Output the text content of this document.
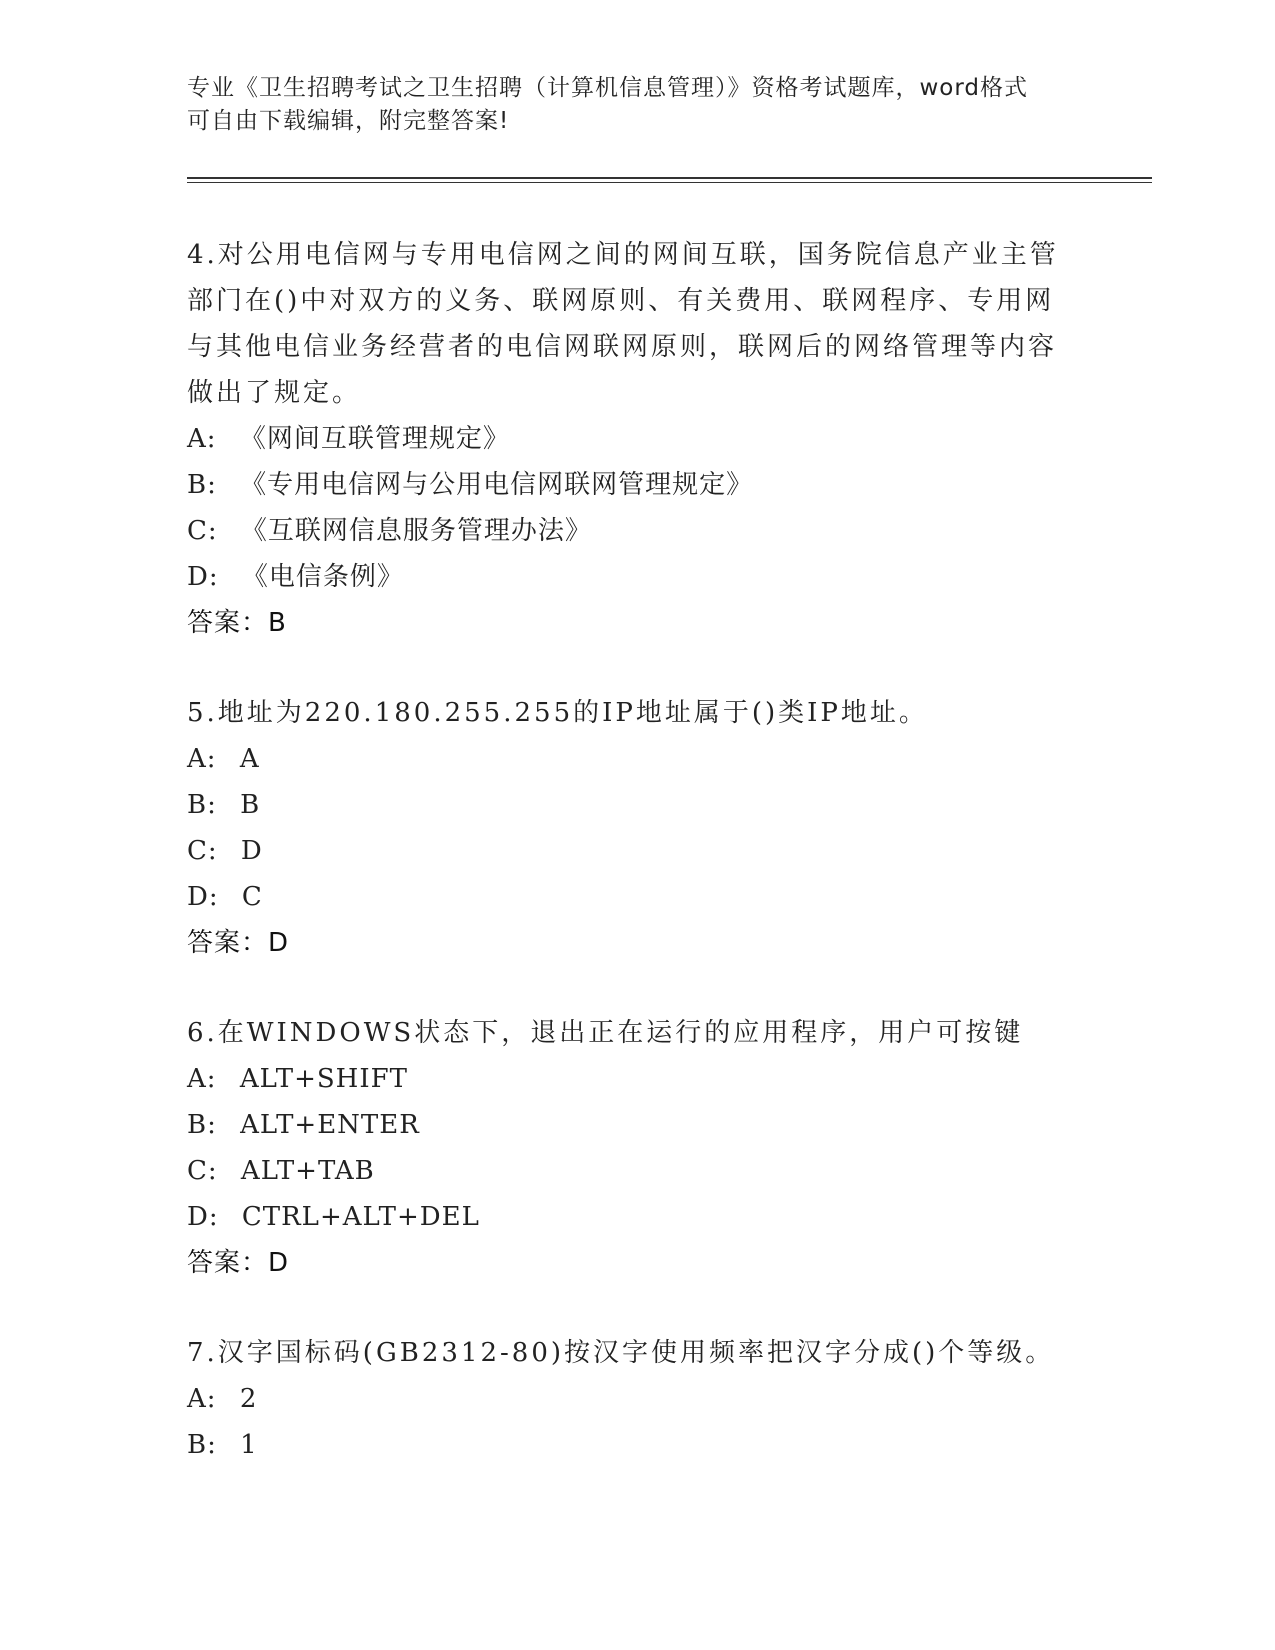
专业《卫生招聘考试之卫生招聘（计算机信息管理）》资格考试题库，word格式
可自由下载编辑，附完整答案!

4.对公用电信网与专用电信网之间的网间互联，国务院信息产业主管部门在()中对双方的义务、联网原则、有关费用、联网程序、专用网与其他电信业务经营者的电信网联网原则，联网后的网络管理等内容做出了规定。

A: 《网间互联管理规定》
B: 《专用电信网与公用电信网联网管理规定》
C: 《互联网信息服务管理办法》
D: 《电信条例》
答案：B

5.地址为220.180.255.255的IP地址属于()类IP地址。

A: A
B: B
C: D
D: C
答案：D

6.在WINDOWS状态下，退出正在运行的应用程序，用户可按键

A: ALT+SHIFT
B: ALT+ENTER
C: ALT+TAB
D: CTRL+ALT+DEL
答案：D

7.汉字国标码(GB2312-80)按汉字使用频率把汉字分成()个等级。

A: 2
B: 1
